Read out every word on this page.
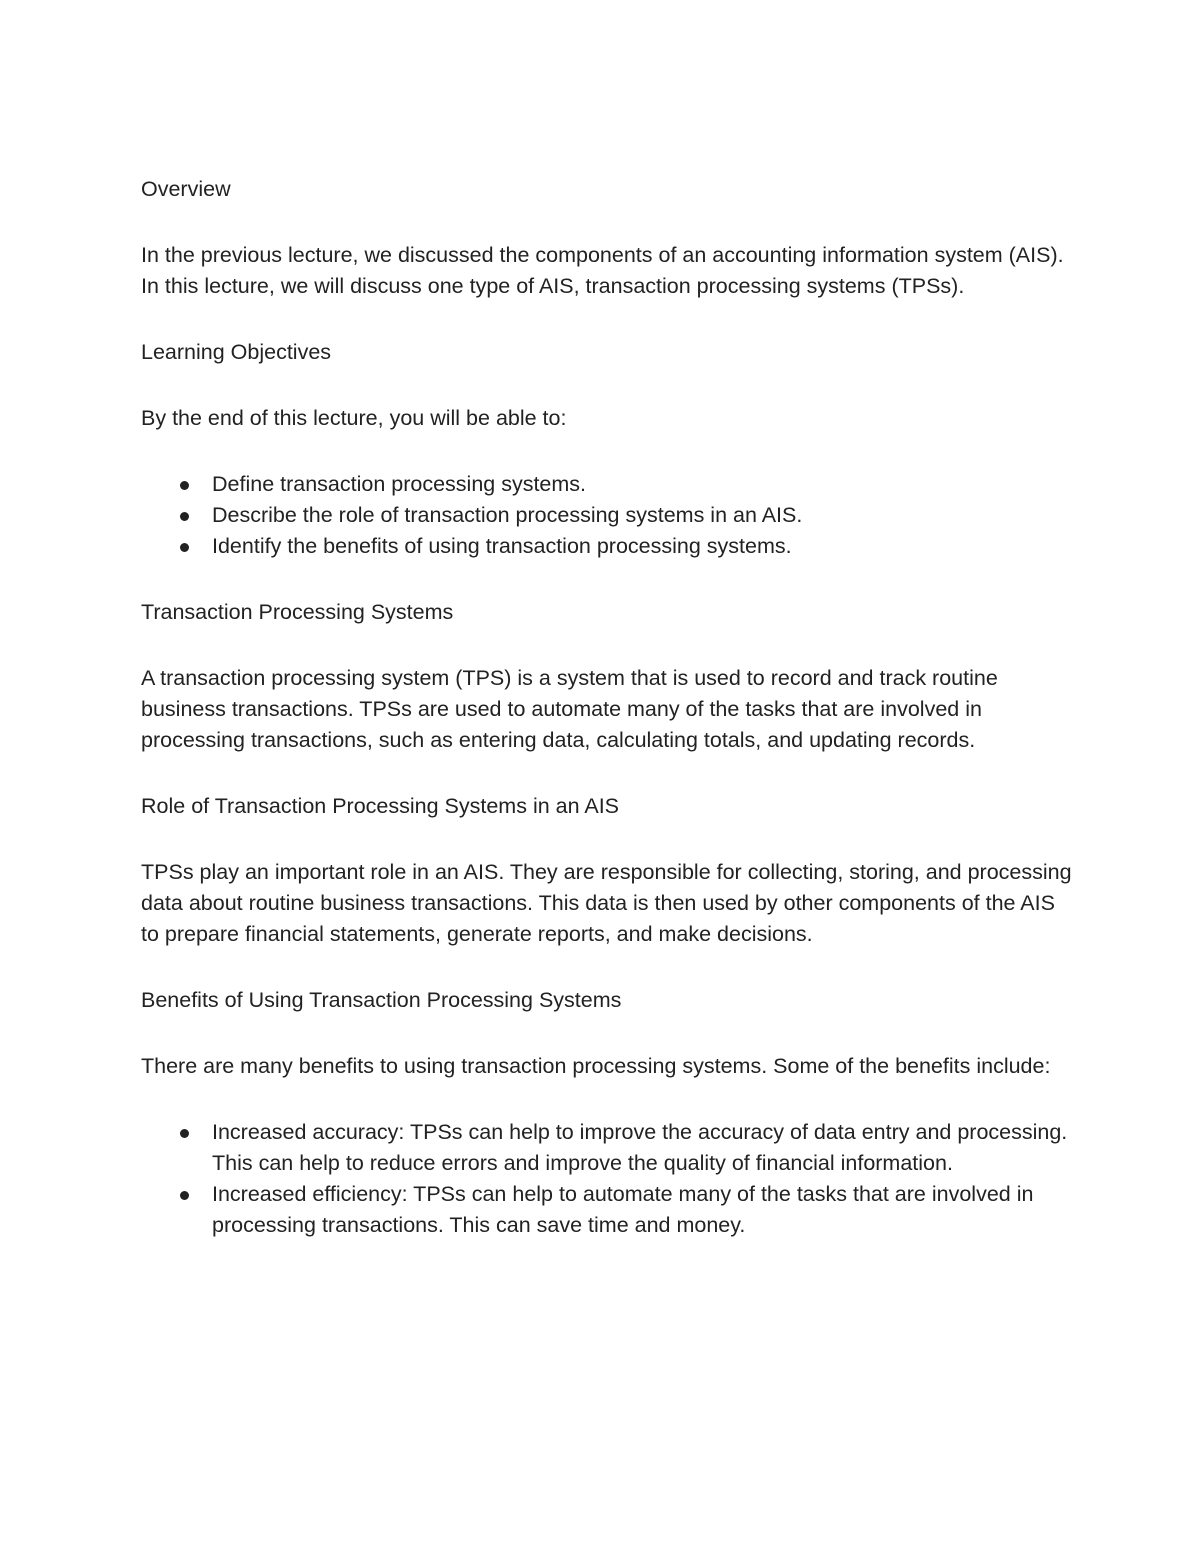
Overview

In the previous lecture, we discussed the components of an accounting information system (AIS). In this lecture, we will discuss one type of AIS, transaction processing systems (TPSs).

Learning Objectives

By the end of this lecture, you will be able to:

Define transaction processing systems.
Describe the role of transaction processing systems in an AIS.
Identify the benefits of using transaction processing systems.

Transaction Processing Systems

A transaction processing system (TPS) is a system that is used to record and track routine business transactions. TPSs are used to automate many of the tasks that are involved in processing transactions, such as entering data, calculating totals, and updating records.

Role of Transaction Processing Systems in an AIS

TPSs play an important role in an AIS. They are responsible for collecting, storing, and processing data about routine business transactions. This data is then used by other components of the AIS to prepare financial statements, generate reports, and make decisions.

Benefits of Using Transaction Processing Systems

There are many benefits to using transaction processing systems. Some of the benefits include:

Increased accuracy: TPSs can help to improve the accuracy of data entry and processing. This can help to reduce errors and improve the quality of financial information.
Increased efficiency: TPSs can help to automate many of the tasks that are involved in processing transactions. This can save time and money.
